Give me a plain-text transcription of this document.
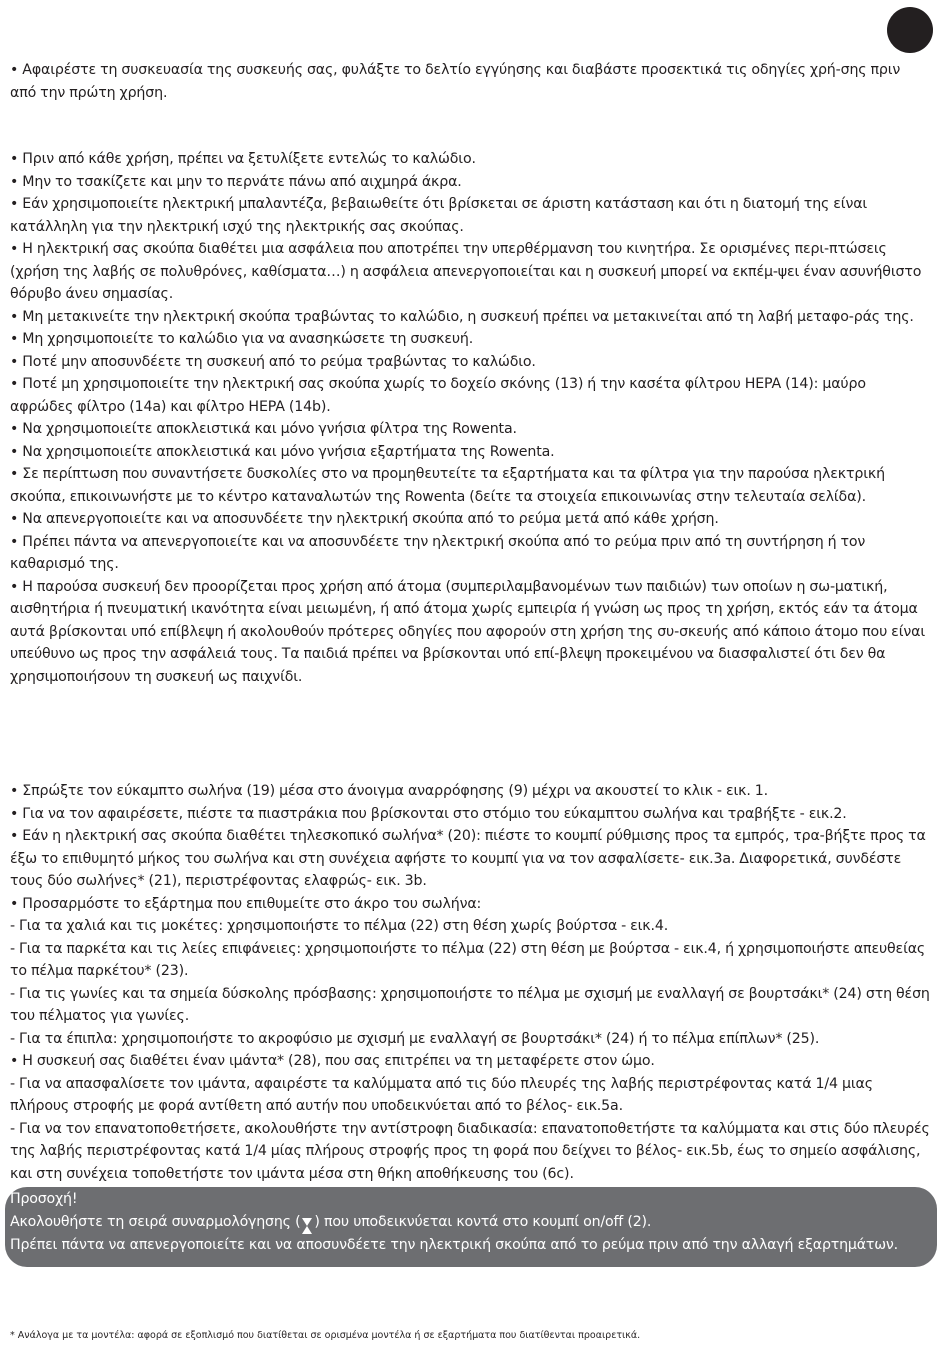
• Αφαιρέστε τη συσκευασία της συσκευής σας, φυλάξτε το δελτίο εγγύησης και διαβάστε προσεκτικά τις οδηγίες χρή-σης πριν από την πρώτη χρήση.

• Πριν από κάθε χρήση, πρέπει να ξετυλίξετε εντελώς το καλώδιο.

• Μην το τσακίζετε και μην το περνάτε πάνω από αιχμηρά άκρα.

• Εάν χρησιμοποιείτε ηλεκτρική μπαλαντέζα, βεβαιωθείτε ότι βρίσκεται σε άριστη κατάσταση και ότι η διατομή της είναι κατάλληλη για την ηλεκτρική ισχύ της ηλεκτρικής σας σκούπας.

• Η ηλεκτρική σας σκούπα διαθέτει μια ασφάλεια που αποτρέπει την υπερθέρμανση του κινητήρα. Σε ορισμένες περι-πτώσεις (χρήση της λαβής σε πολυθρόνες, καθίσματα…) η ασφάλεια απενεργοποιείται και η συσκευή μπορεί να εκπέμ-ψει έναν ασυνήθιστο θόρυβο άνευ σημασίας.

• Μη μετακινείτε την ηλεκτρική σκούπα τραβώντας το καλώδιο, η συσκευή πρέπει να μετακινείται από τη λαβή μεταφο-ράς της.

• Μη χρησιμοποιείτε το καλώδιο για να ανασηκώσετε τη συσκευή.

• Ποτέ μην αποσυνδέετε τη συσκευή από το ρεύμα τραβώντας το καλώδιο.

• Ποτέ μη χρησιμοποιείτε την ηλεκτρική σας σκούπα χωρίς το δοχείο σκόνης (13) ή την κασέτα φίλτρου HEPA (14): μαύρο αφρώδες φίλτρο (14a) και φίλτρο HEPA (14b).

• Να χρησιμοποιείτε αποκλειστικά και μόνο γνήσια φίλτρα της Rowenta.

• Να χρησιμοποιείτε αποκλειστικά και μόνο γνήσια εξαρτήματα της Rowenta.

• Σε περίπτωση που συναντήσετε δυσκολίες στο να προμηθευτείτε τα εξαρτήματα και τα φίλτρα για την παρούσα ηλεκτρική σκούπα, επικοινωνήστε με το κέντρο καταναλωτών της Rowenta (δείτε τα στοιχεία επικοινωνίας στην τελευταία σελίδα).

• Να απενεργοποιείτε και να αποσυνδέετε την ηλεκτρική σκούπα από το ρεύμα μετά από κάθε χρήση.

• Πρέπει πάντα να απενεργοποιείτε και να αποσυνδέετε την ηλεκτρική σκούπα από το ρεύμα πριν από τη συντήρηση ή τον καθαρισμό της.

• Η παρούσα συσκευή δεν προορίζεται προς χρήση από άτομα (συμπεριλαμβανομένων των παιδιών) των οποίων η σω-ματική, αισθητήρια ή πνευματική ικανότητα είναι μειωμένη, ή από άτομα χωρίς εμπειρία ή γνώση ως προς τη χρήση, εκτός εάν τα άτομα αυτά βρίσκονται υπό επίβλεψη ή ακολουθούν πρότερες οδηγίες που αφορούν στη χρήση της συ-σκευής από κάποιο άτομο που είναι υπεύθυνο ως προς την ασφάλειά τους. Τα παιδιά πρέπει να βρίσκονται υπό επί-βλεψη προκειμένου να διασφαλιστεί ότι δεν θα χρησιμοποιήσουν τη συσκευή ως παιχνίδι.

• Σπρώξτε τον εύκαμπτο σωλήνα (19) μέσα στο άνοιγμα αναρρόφησης (9) μέχρι να ακουστεί το κλικ - εικ. 1.

• Για να τον αφαιρέσετε, πιέστε τα πιαστράκια που βρίσκονται στο στόμιο του εύκαμπτου σωλήνα και τραβήξτε - εικ.2.

• Εάν η ηλεκτρική σας σκούπα διαθέτει τηλεσκοπικό σωλήνα* (20): πιέστε το κουμπί ρύθμισης προς τα εμπρός, τρα-βήξτε προς τα έξω το επιθυμητό μήκος του σωλήνα και στη συνέχεια αφήστε το κουμπί για να τον ασφαλίσετε- εικ.3a. Διαφορετικά, συνδέστε τους δύο σωλήνες* (21), περιστρέφοντας ελαφρώς- εικ. 3b.

• Προσαρμόστε το εξάρτημα που επιθυμείτε στο άκρο του σωλήνα:

- Για τα χαλιά και τις μοκέτες: χρησιμοποιήστε το πέλμα (22) στη θέση χωρίς βούρτσα - εικ.4.

- Για τα παρκέτα και τις λείες επιφάνειες: χρησιμοποιήστε το πέλμα (22) στη θέση με βούρτσα - εικ.4, ή χρησιμοποιήστε απευθείας το πέλμα παρκέτου* (23).

- Για τις γωνίες και τα σημεία δύσκολης πρόσβασης: χρησιμοποιήστε το πέλμα με σχισμή με εναλλαγή σε βουρτσάκι* (24) στη θέση του πέλματος για γωνίες.

- Για τα έπιπλα: χρησιμοποιήστε το ακροφύσιο με σχισμή με εναλλαγή σε βουρτσάκι* (24) ή το πέλμα επίπλων* (25).

• Η συσκευή σας διαθέτει έναν ιμάντα* (28), που σας επιτρέπει να τη μεταφέρετε στον ώμο.

- Για να απασφαλίσετε τον ιμάντα, αφαιρέστε τα καλύμματα από τις δύο πλευρές της λαβής περιστρέφοντας κατά 1/4 μιας πλήρους στροφής με φορά αντίθετη από αυτήν που υποδεικνύεται από το βέλος- εικ.5a.

- Για να τον επανατοποθετήσετε, ακολουθήστε την αντίστροφη διαδικασία: επανατοποθετήστε τα καλύμματα και στις δύο πλευρές της λαβής περιστρέφοντας κατά 1/4 μίας πλήρους στροφής προς τη φορά που δείχνει το βέλος- εικ.5b, έως το σημείο ασφάλισης, και στη συνέχεια τοποθετήστε τον ιμάντα μέσα στη θήκη αποθήκευσης του (6c).

Προσοχή!

Ακολουθήστε τη σειρά συναρμολόγησης ( ) που υποδεικνύεται κοντά στο κουμπί on/off (2).

Πρέπει πάντα να απενεργοποιείτε και να αποσυνδέετε την ηλεκτρική σκούπα από το ρεύμα πριν από την αλλαγή εξαρτημάτων.

* Ανάλογα με τα μοντέλα: αφορά σε εξοπλισμό που διατίθεται σε ορισμένα μοντέλα ή σε εξαρτήματα που διατίθενται προαιρετικά.
